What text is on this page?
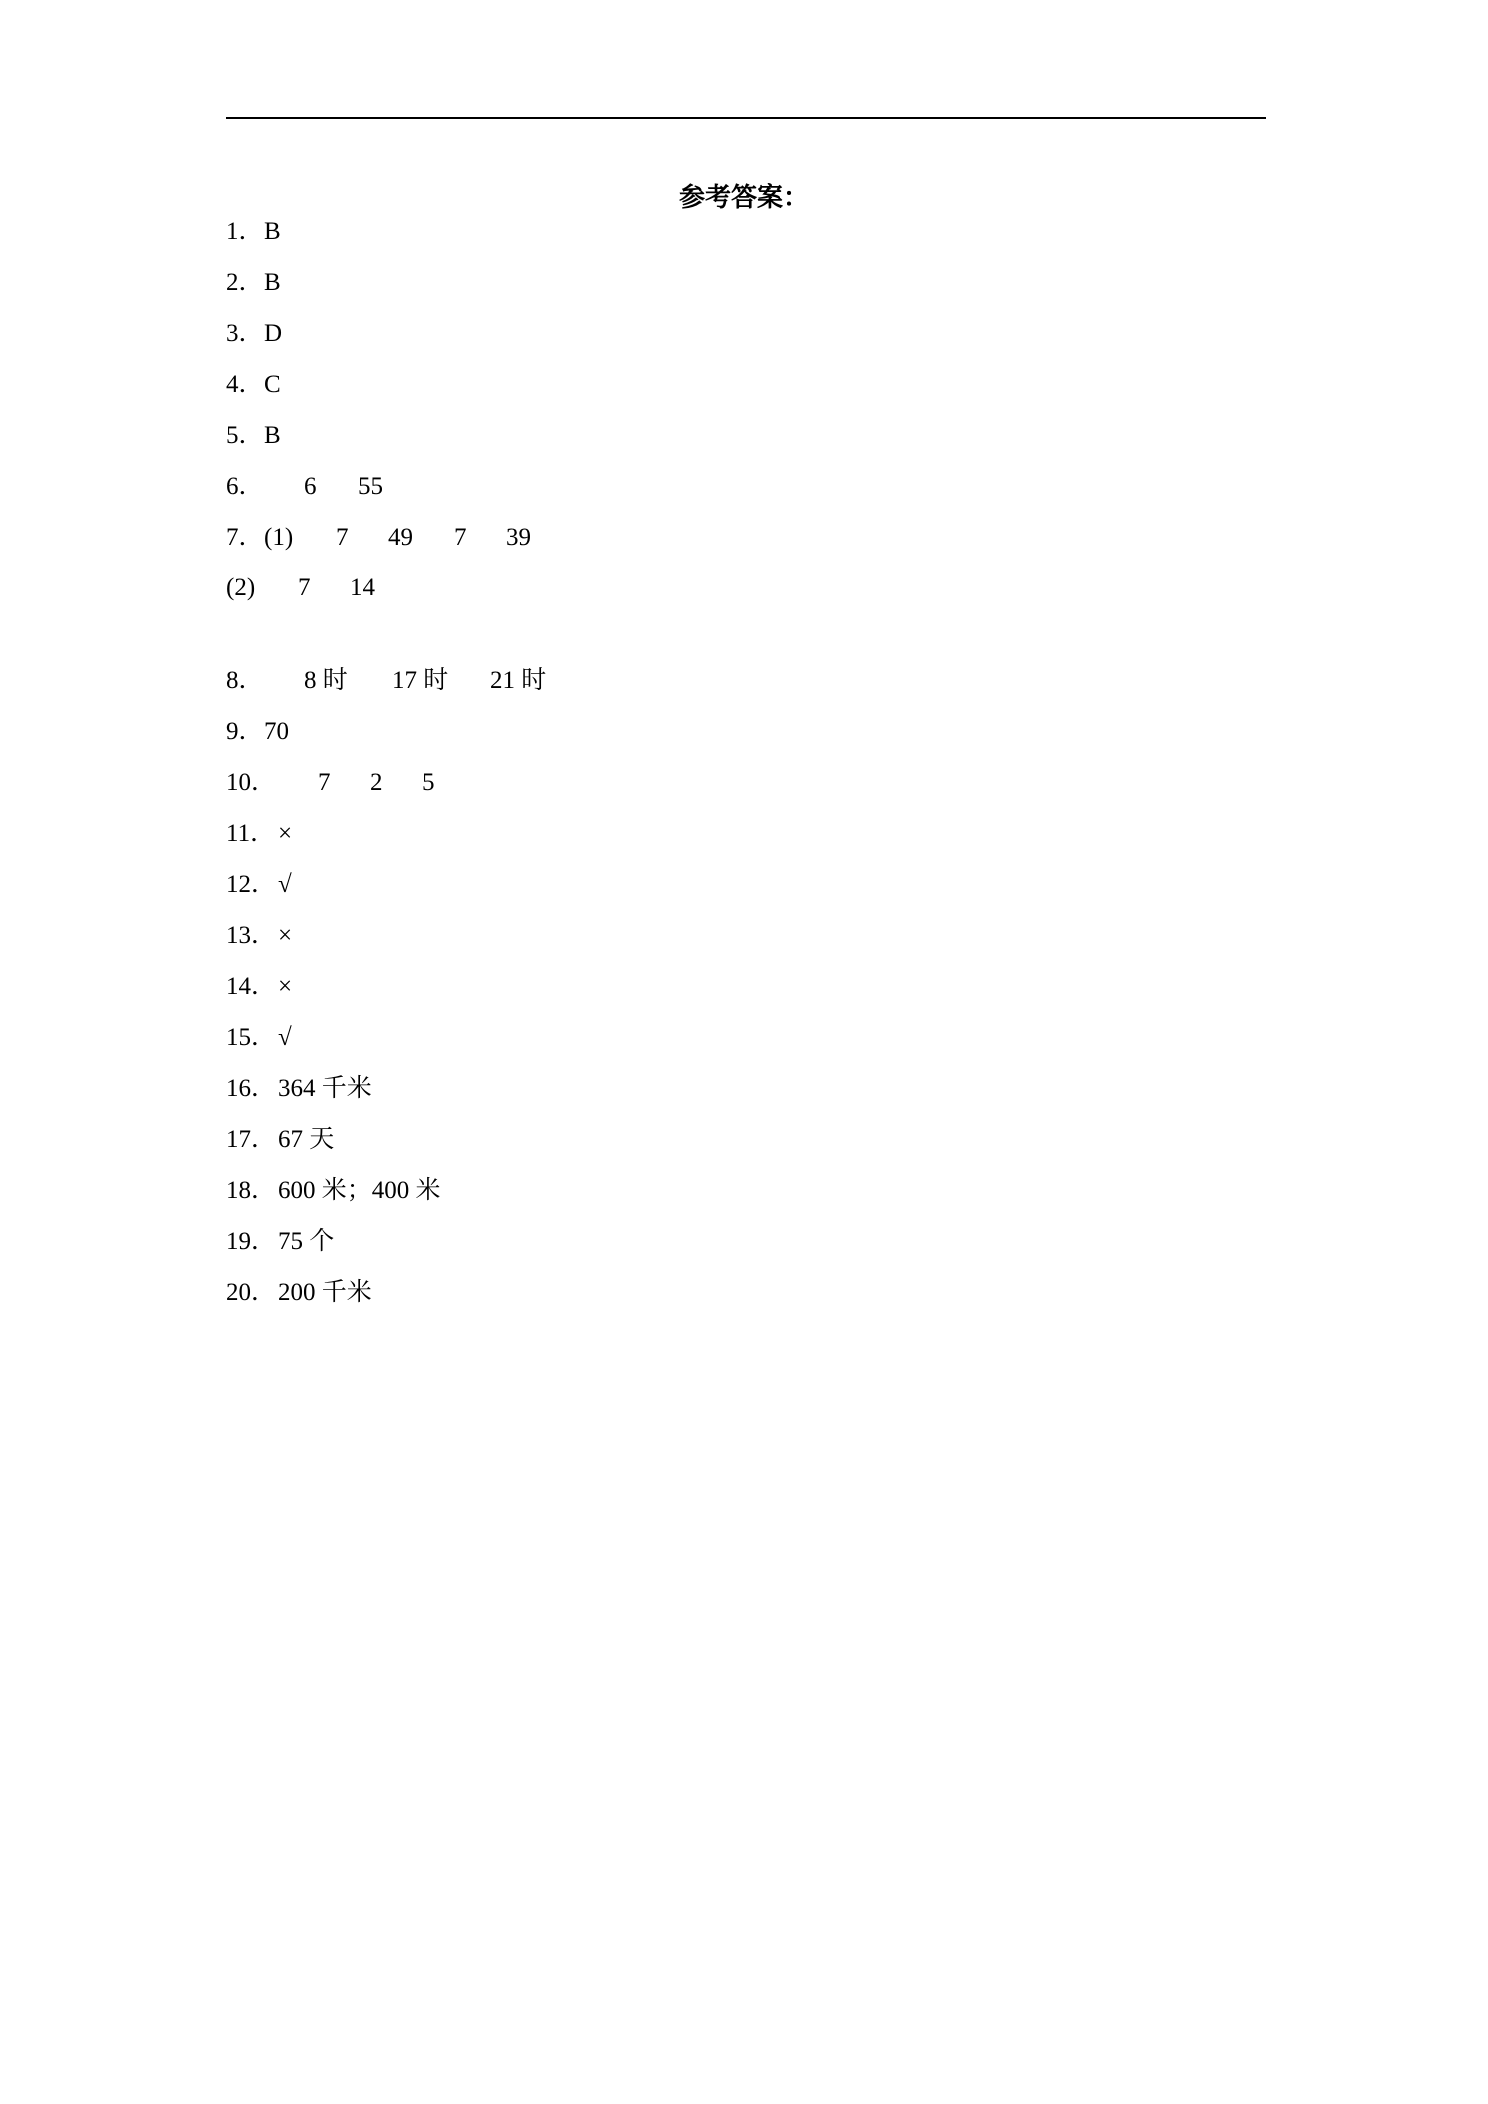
参考答案：
1． B
2． B
3． D
4． C
5． B
6． 6 55
7． (1) 7 49 7 39
(2) 7 14
8． 8 时 17 时 21 时
9． 70
10． 7 2 5
11． ×
12． √
13． ×
14． ×
15． √
16． 364 千米
17． 67 天
18． 600 米；400 米
19． 75 个
20． 200 千米
